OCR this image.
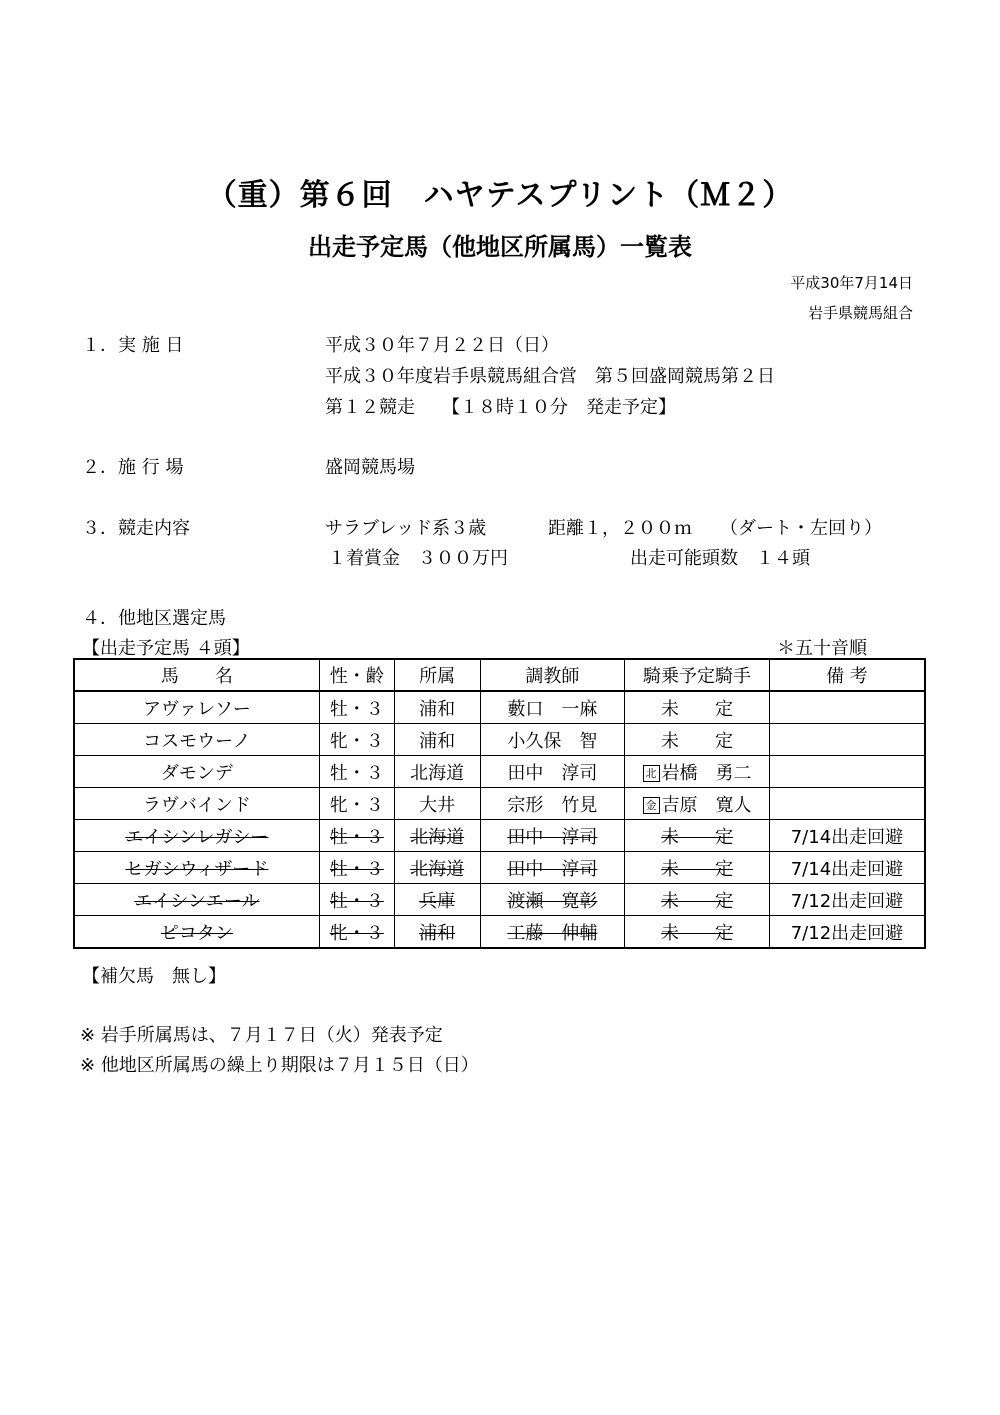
（重）第６回　ハヤテスプリント（Ｍ２）
出走予定馬（他地区所属馬）一覧表
平成30年7月14日
岩手県競馬組合
１．実 施 日	平成３０年７月２２日（日）
平成３０年度岩手県競馬組合営　第５回盛岡競馬第２日
第１２競走　　【１８時１０分　発走予定】
２．施 行 場	盛岡競馬場
３．競走内容	サラブレッド系３歳	距離１，２００ｍ （ダート・左回り）
１着賞金　３００万円	出走可能頭数　１４頭
４．他地区選定馬
【出走予定馬 ４頭】	＊五十音順
馬　　名	性・齢	所属	調教師	騎乗予定騎手	備 考
アヴァレソー	牡・３	浦和	藪口　一麻	未　　定	
コスモウーノ	牝・３	浦和	小久保　智	未　　定	
ダモンデ	牡・３	北海道	田中　淳司	北 岩橋　勇二	
ラヴバインド	牝・３	大井	宗形　竹見	金 吉原　寛人	
エイシンレガシー	牡・３	北海道	田中　淳司	未　　定	7/14出走回避
ヒガシウィザード	牡・３	北海道	田中　淳司	未　　定	7/14出走回避
エイシンエール	牡・３	兵庫	渡瀬　寛彰	未　　定	7/12出走回避
ピコタン	牝・３	浦和	工藤　伸輔	未　　定	7/12出走回避
【補欠馬　無し】
※ 岩手所属馬は、７月１７日（火）発表予定
※ 他地区所属馬の繰上り期限は７月１５日（日）
